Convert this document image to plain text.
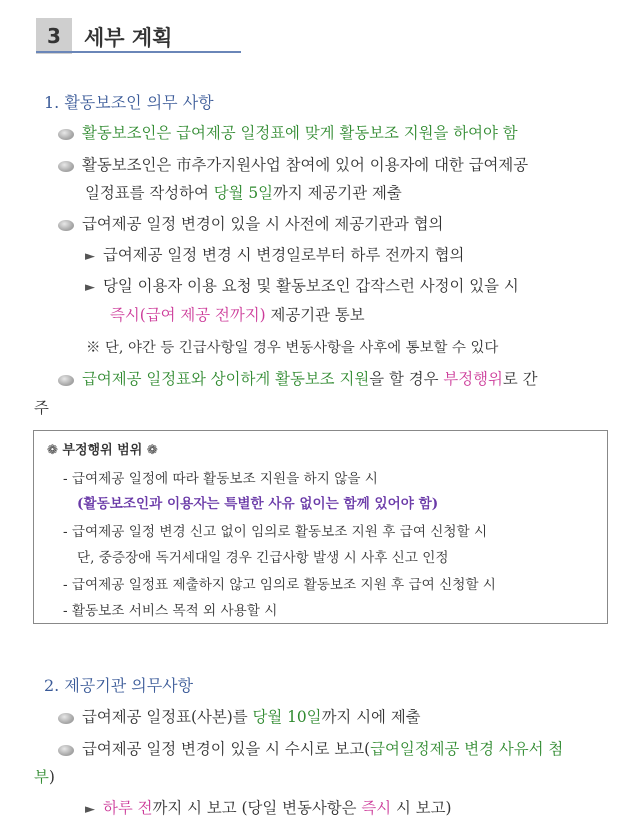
3	세부 계획
1. 활동보조인 의무 사항
활동보조인은 급여제공 일정표에 맞게 활동보조 지원을 하여야 함
활동보조인은 市추가지원사업 참여에 있어 이용자에 대한 급여제공
일정표를 작성하여 당월 5일까지 제공기관 제출
급여제공 일정 변경이 있을 시 사전에 제공기관과 협의
► 급여제공 일정 변경 시 변경일로부터 하루 전까지 협의
► 당일 이용자 이용 요청 및 활동보조인 갑작스런 사정이 있을 시
즉시(급여 제공 전까지) 제공기관 통보
※ 단, 야간 등 긴급사항일 경우 변동사항을 사후에 통보할 수 있다
급여제공 일정표와 상이하게 활동보조 지원을 할 경우 부정행위로 간
주
❁ 부정행위 범위 ❁
- 급여제공 일정에 따라 활동보조 지원을 하지 않을 시
(활동보조인과 이용자는 특별한 사유 없이는 함께 있어야 함)
- 급여제공 일정 변경 신고 없이 임의로 활동보조 지원 후 급여 신청할 시
단, 중증장애 독거세대일 경우 긴급사항 발생 시 사후 신고 인정
- 급여제공 일정표 제출하지 않고 임의로 활동보조 지원 후 급여 신청할 시
- 활동보조 서비스 목적 외 사용할 시
2. 제공기관 의무사항
급여제공 일정표(사본)를 당월 10일까지 시에 제출
급여제공 일정 변경이 있을 시 수시로 보고(급여일정제공 변경 사유서 첨
부)
► 하루 전까지 시 보고 (당일 변동사항은 즉시 시 보고)
